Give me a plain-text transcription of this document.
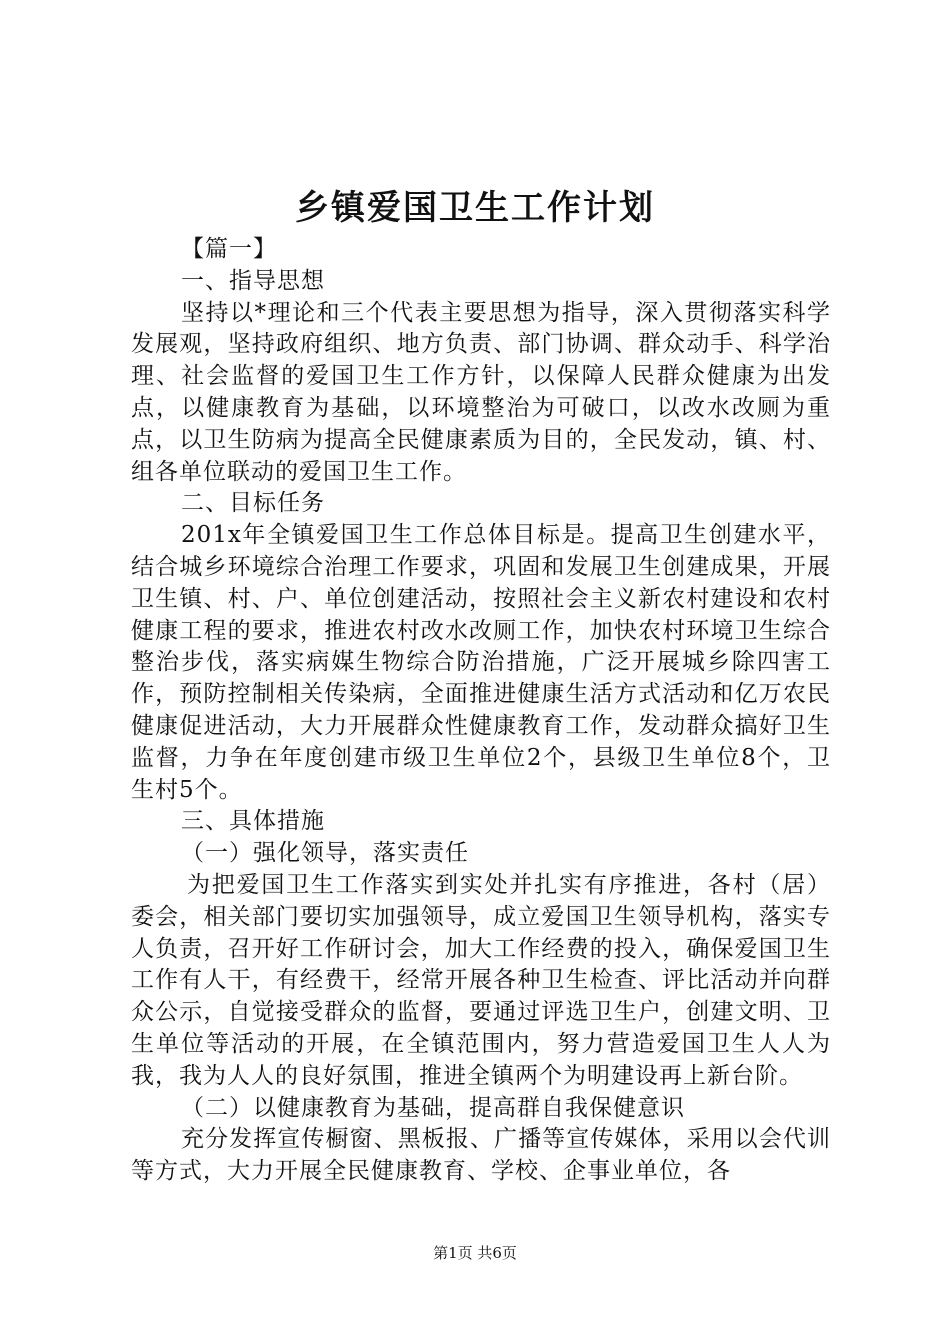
乡镇爱国卫生工作计划

【篇一】

一、指导思想

坚持以*理论和三个代表主要思想为指导，深入贯彻落实科学发展观，坚持政府组织、地方负责、部门协调、群众动手、科学治理、社会监督的爱国卫生工作方针，以保障人民群众健康为出发点，以健康教育为基础，以环境整治为可破口，以改水改厕为重点，以卫生防病为提高全民健康素质为目的，全民发动，镇、村、组各单位联动的爱国卫生工作。

二、目标任务

201x年全镇爱国卫生工作总体目标是。提高卫生创建水平，结合城乡环境综合治理工作要求，巩固和发展卫生创建成果，开展卫生镇、村、户、单位创建活动，按照社会主义新农村建设和农村健康工程的要求，推进农村改水改厕工作，加快农村环境卫生综合整治步伐，落实病媒生物综合防治措施，广泛开展城乡除四害工作，预防控制相关传染病，全面推进健康生活方式活动和亿万农民健康促进活动，大力开展群众性健康教育工作，发动群众搞好卫生监督，力争在年度创建市级卫生单位2个，县级卫生单位8个，卫生村5个。

三、具体措施

（一）强化领导，落实责任

为把爱国卫生工作落实到实处并扎实有序推进，各村（居）委会，相关部门要切实加强领导，成立爱国卫生领导机构，落实专人负责，召开好工作研讨会，加大工作经费的投入，确保爱国卫生工作有人干，有经费干，经常开展各种卫生检查、评比活动并向群众公示，自觉接受群众的监督，要通过评选卫生户，创建文明、卫生单位等活动的开展，在全镇范围内，努力营造爱国卫生人人为我，我为人人的良好氛围，推进全镇两个为明建设再上新台阶。

（二）以健康教育为基础，提高群自我保健意识

充分发挥宣传橱窗、黑板报、广播等宣传媒体，采用以会代训等方式，大力开展全民健康教育、学校、企事业单位，各

第1页 共6页
